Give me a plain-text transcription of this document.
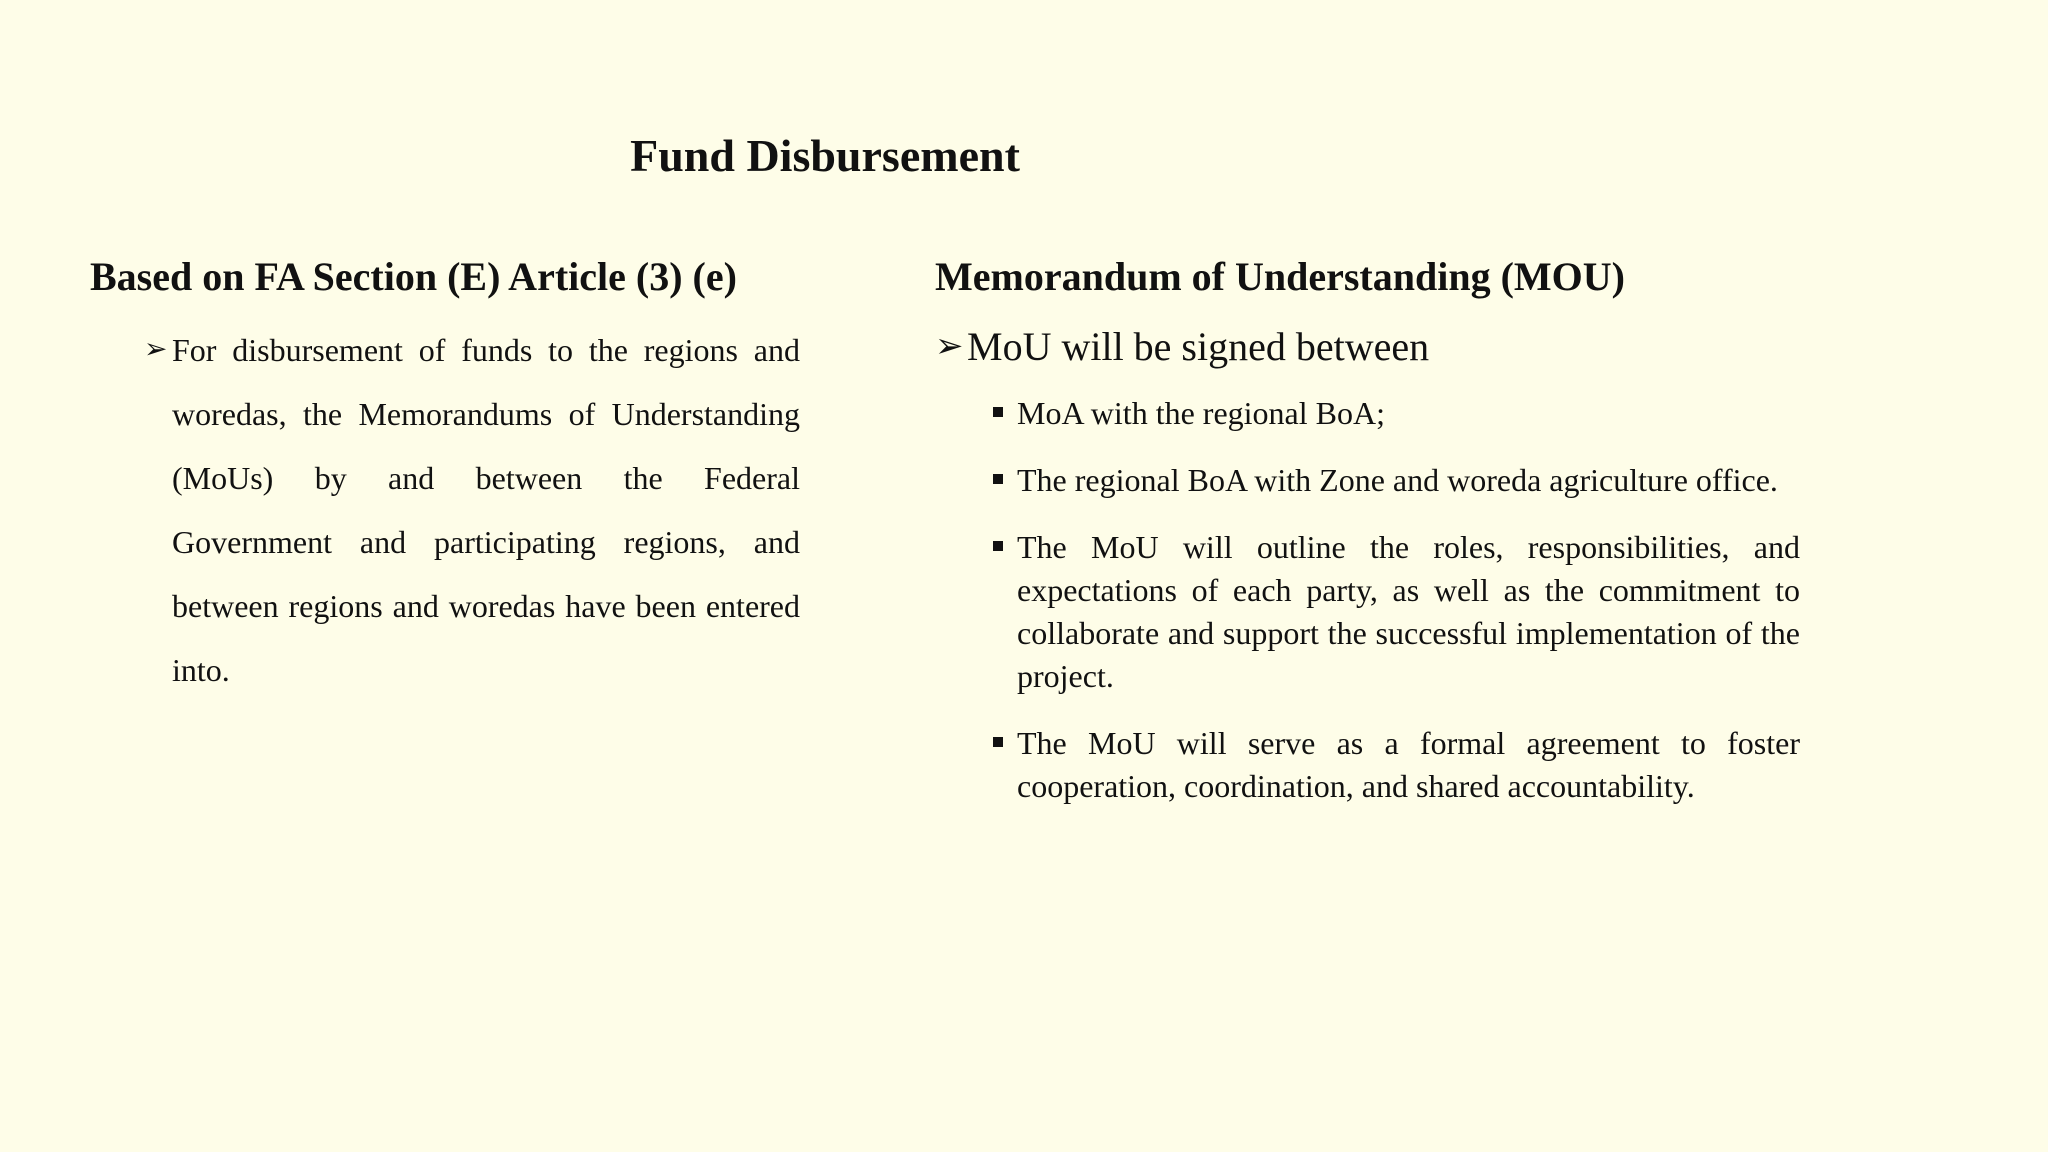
Fund Disbursement
Based on FA Section (E) Article (3) (e)
➢ For disbursement of funds to the regions and woredas, the Memorandums of Understanding (MoUs) by and between the Federal Government and participating regions, and between regions and woredas have been entered into.
Memorandum of Understanding (MOU)
➢ MoU will be signed between
MoA with the regional BoA;
The regional BoA with Zone and woreda agriculture office.
The MoU will outline the roles, responsibilities, and expectations of each party, as well as the commitment to collaborate and support the successful implementation of the project.
The MoU will serve as a formal agreement to foster cooperation, coordination, and shared accountability.
